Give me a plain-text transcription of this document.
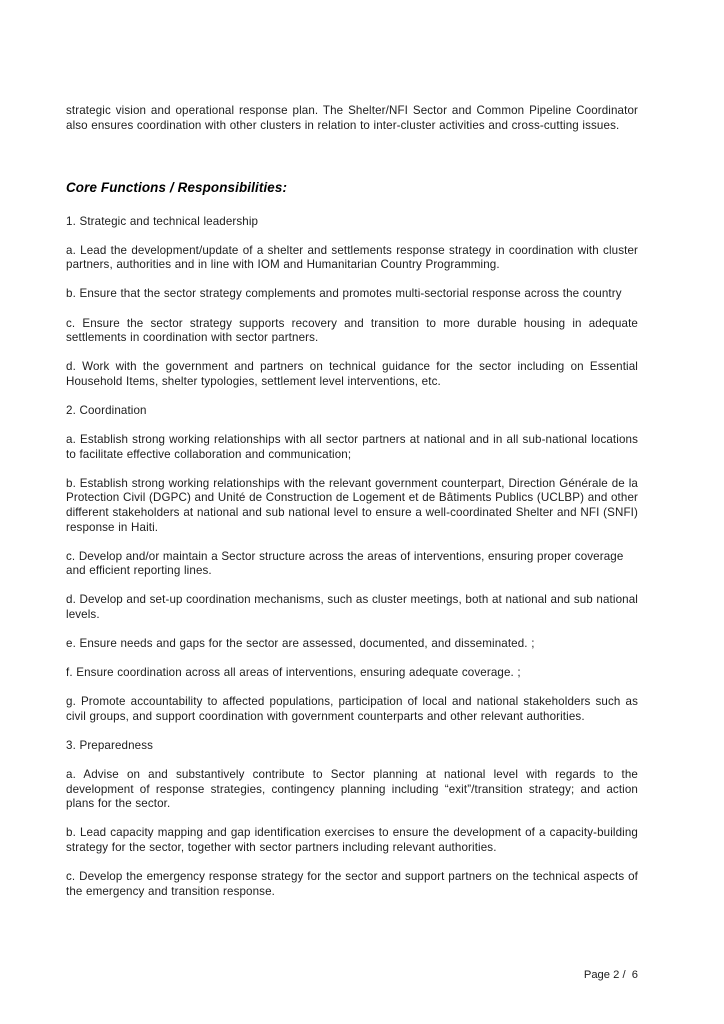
strategic vision and operational response plan. The Shelter/NFI Sector and Common Pipeline Coordinator also ensures coordination with other clusters in relation to inter-cluster activities and cross-cutting issues.

Core Functions / Responsibilities:

1. Strategic and technical leadership

a. Lead the development/update of a shelter and settlements response strategy in coordination with cluster partners, authorities and in line with IOM and Humanitarian Country Programming.

b. Ensure that the sector strategy complements and promotes multi-sectorial response across the country

c. Ensure the sector strategy supports recovery and transition to more durable housing in adequate settlements in coordination with sector partners.

d. Work with the government and partners on technical guidance for the sector including on Essential Household Items, shelter typologies, settlement level interventions, etc.

2. Coordination

a. Establish strong working relationships with all sector partners at national and in all sub-national locations to facilitate effective collaboration and communication;

b. Establish strong working relationships with the relevant government counterpart, Direction Générale de la Protection Civil (DGPC) and Unité de Construction de Logement et de Bâtiments Publics (UCLBP) and other different stakeholders at national and sub national level to ensure a well-coordinated Shelter and NFI (SNFI) response in Haiti.

c. Develop and/or maintain a Sector structure across the areas of interventions, ensuring proper coverage and efficient reporting lines.

d. Develop and set-up coordination mechanisms, such as cluster meetings, both at national and sub national levels.

e. Ensure needs and gaps for the sector are assessed, documented, and disseminated. ;

f. Ensure coordination across all areas of interventions, ensuring adequate coverage. ;

g. Promote accountability to affected populations, participation of local and national stakeholders such as civil groups, and support coordination with government counterparts and other relevant authorities.

3. Preparedness

a. Advise on and substantively contribute to Sector planning at national level with regards to the development of response strategies, contingency planning including “exit”/transition strategy; and action plans for the sector.

b. Lead capacity mapping and gap identification exercises to ensure the development of a capacity-building strategy for the sector, together with sector partners including relevant authorities.

c. Develop the emergency response strategy for the sector and support partners on the technical aspects of the emergency and transition response.

Page 2 /  6
